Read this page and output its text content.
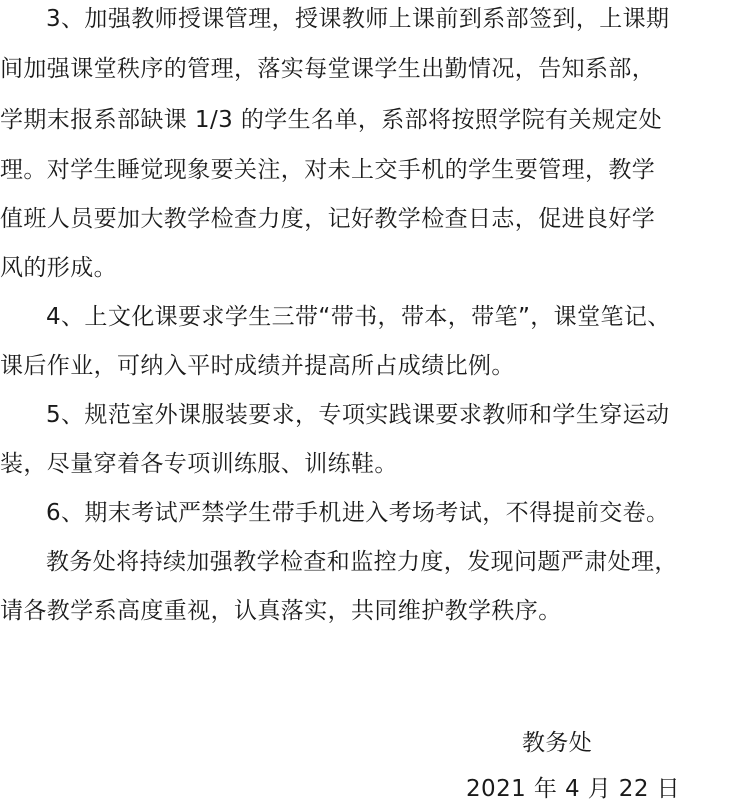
3、加强教师授课管理，授课教师上课前到系部签到，上课期
间加强课堂秩序的管理，落实每堂课学生出勤情况，告知系部，
学期末报系部缺课 1/3 的学生名单，系部将按照学院有关规定处
理。对学生睡觉现象要关注，对未上交手机的学生要管理，教学
值班人员要加大教学检查力度，记好教学检查日志，促进良好学
风的形成。
4、上文化课要求学生三带“带书，带本，带笔”，课堂笔记、
课后作业，可纳入平时成绩并提高所占成绩比例。
5、规范室外课服装要求，专项实践课要求教师和学生穿运动
装，尽量穿着各专项训练服、训练鞋。
6、期末考试严禁学生带手机进入考场考试，不得提前交卷。
教务处将持续加强教学检查和监控力度，发现问题严肃处理，
请各教学系高度重视，认真落实，共同维护教学秩序。
教务处
2021 年 4 月 22 日
